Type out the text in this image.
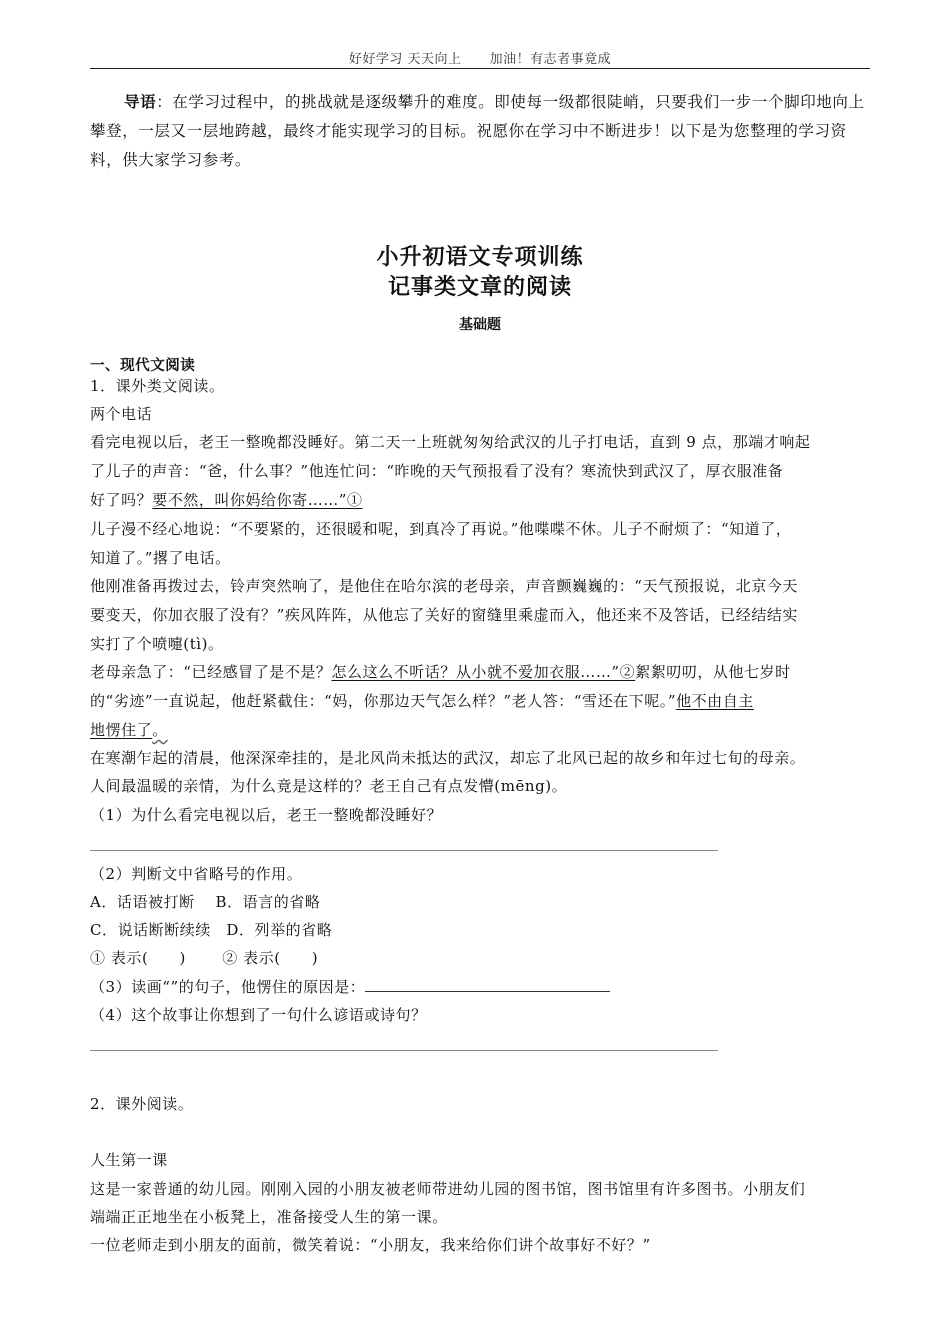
好好学习 天天向上 加油！有志者事竟成
导语：在学习过程中，的挑战就是逐级攀升的难度。即使每一级都很陡峭，只要我们一步一个脚印地向上攀登，一层又一层地跨越，最终才能实现学习的目标。祝愿你在学习中不断进步！以下是为您整理的学习资料，供大家学习参考。
小升初语文专项训练
记事类文章的阅读
基础题
一、现代文阅读
1．课外类文阅读。
两个电话
看完电视以后，老王一整晚都没睡好。第二天一上班就匆匆给武汉的儿子打电话，直到 9 点，那端才响起
了儿子的声音：“爸，什么事？”他连忙问：“昨晚的天气预报看了没有？寒流快到武汉了，厚衣服准备
好了吗？要不然，叫你妈给你寄……”①
儿子漫不经心地说：“不要紧的，还很暖和呢，到真冷了再说。”他喋喋不休。儿子不耐烦了：“知道了，
知道了。”撂了电话。
他刚准备再拨过去，铃声突然响了，是他住在哈尔滨的老母亲，声音颤巍巍的：“天气预报说，北京今天
要变天，你加衣服了没有？”疾风阵阵，从他忘了关好的窗缝里乘虚而入，他还来不及答话，已经结结实
实打了个喷嚏(tì)。
老母亲急了：“已经感冒了是不是？怎么这么不听话？从小就不爱加衣服……”②絮絮叨叨，从他七岁时
的“劣迹”一直说起，他赶紧截住：“妈，你那边天气怎么样？”老人答：“雪还在下呢。”他不由自主
地愣住了。
在寒潮乍起的清晨，他深深牵挂的，是北风尚未抵达的武汉，却忘了北风已起的故乡和年过七旬的母亲。
人间最温暖的亲情，为什么竟是这样的？老王自己有点发懵(mēng)。
（1）为什么看完电视以后，老王一整晚都没睡好？
（2）判断文中省略号的作用。
A．话语被打断　 B．语言的省略
C．说话断断续续　D．列举的省略
① 表示(　　)　　 ② 表示(　　)
（3）读画“”的句子，他愣住的原因是：
（4）这个故事让你想到了一句什么谚语或诗句？
2．课外阅读。
人生第一课
这是一家普通的幼儿园。刚刚入园的小朋友被老师带进幼儿园的图书馆，图书馆里有许多图书。小朋友们
端端正正地坐在小板凳上，准备接受人生的第一课。
一位老师走到小朋友的面前，微笑着说：“小朋友，我来给你们讲个故事好不好？”
